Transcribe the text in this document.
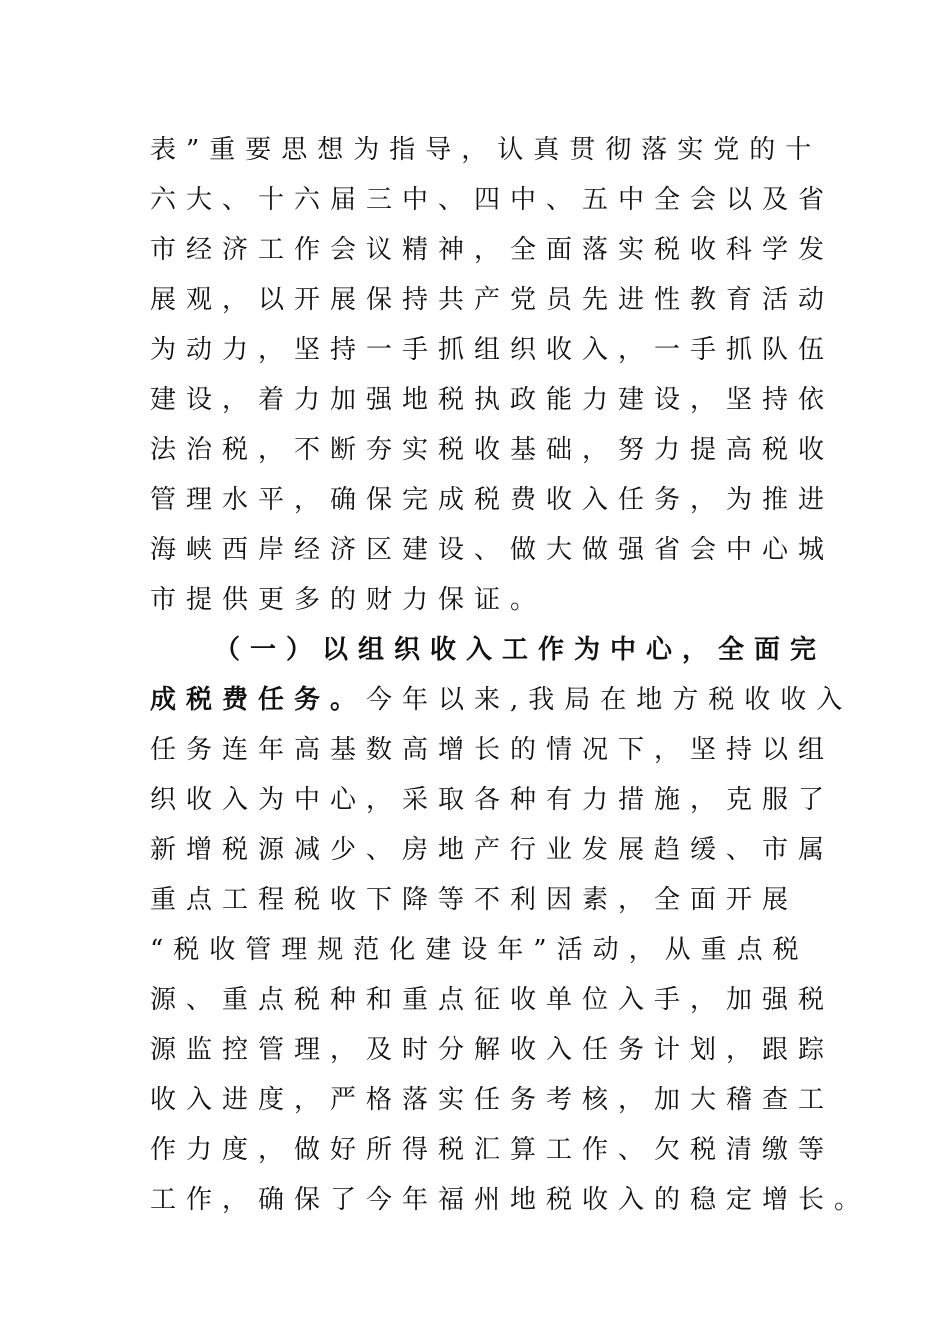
表”重要思想为指导，认真贯彻落实党的十
六大、十六届三中、四中、五中全会以及省
市经济工作会议精神，全面落实税收科学发
展观，以开展保持共产党员先进性教育活动
为动力，坚持一手抓组织收入，一手抓队伍
建设，着力加强地税执政能力建设，坚持依
法治税，不断夯实税收基础，努力提高税收
管理水平，确保完成税费收入任务，为推进
海峡西岸经济区建设、做大做强省会中心城
市提供更多的财力保证。
（一）以组织收入工作为中心，全面完
成税费任务。今年以来,我局在地方税收收入
任务连年高基数高增长的情况下，坚持以组
织收入为中心，采取各种有力措施，克服了
新增税源减少、房地产行业发展趋缓、市属
重点工程税收下降等不利因素，全面开展
“税收管理规范化建设年”活动，从重点税
源、重点税种和重点征收单位入手，加强税
源监控管理，及时分解收入任务计划，跟踪
收入进度，严格落实任务考核，加大稽查工
作力度，做好所得税汇算工作、欠税清缴等
工作，确保了今年福州地税收入的稳定增长。
